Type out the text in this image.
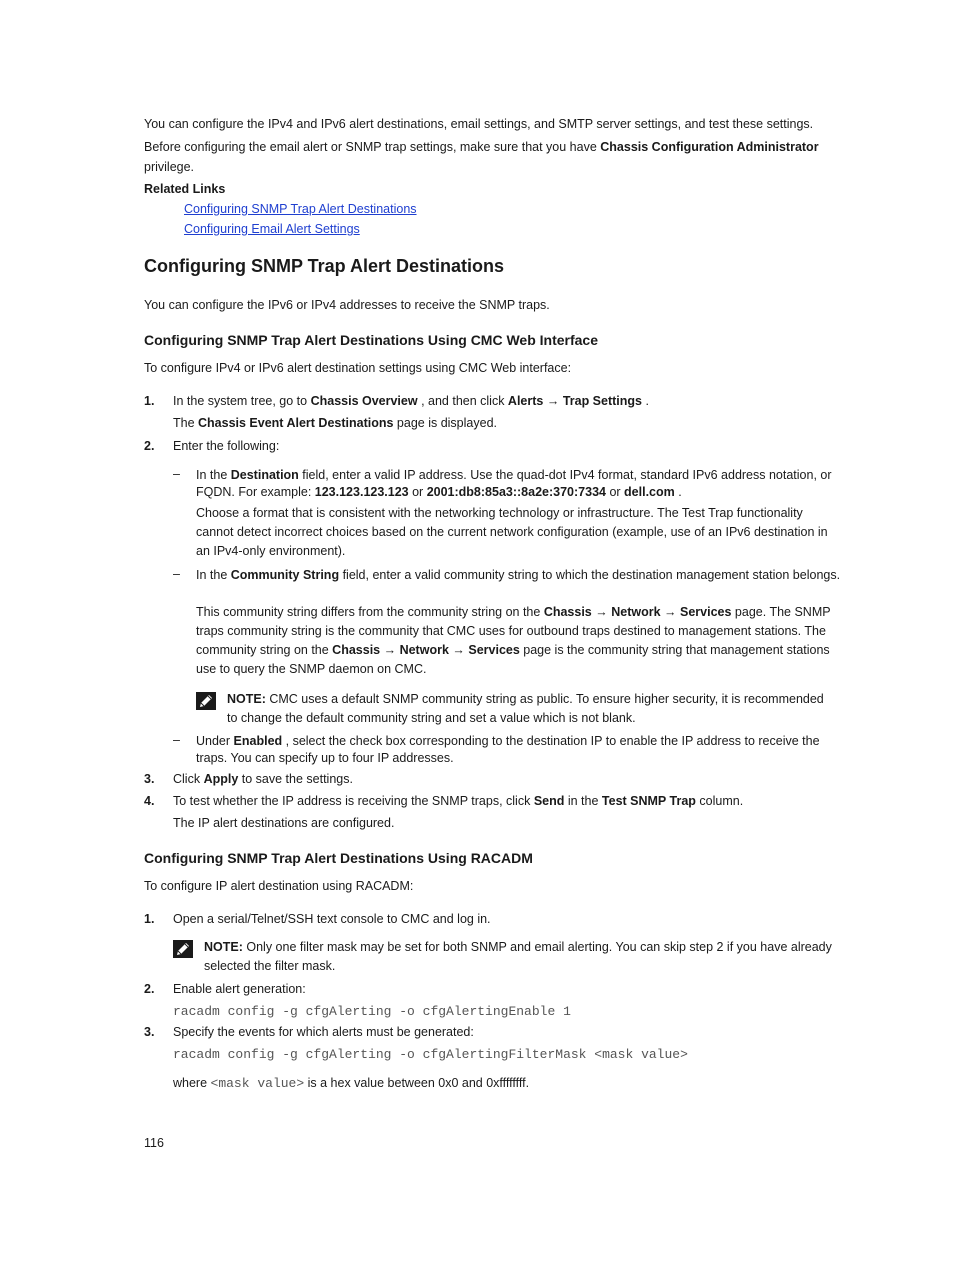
You can configure the IPv4 and IPv6 alert destinations, email settings, and SMTP server settings, and test these settings.
Before configuring the email alert or SNMP trap settings, make sure that you have Chassis Configuration Administrator
privilege.
Related Links
Configuring SNMP Trap Alert Destinations
Configuring Email Alert Settings
Configuring SNMP Trap Alert Destinations
You can configure the IPv6 or IPv4 addresses to receive the SNMP traps.
Configuring SNMP Trap Alert Destinations Using CMC Web Interface
To configure IPv4 or IPv6 alert destination settings using CMC Web interface:
1. In the system tree, go to Chassis Overview , and then click Alerts → Trap Settings .
The Chassis Event Alert Destinations page is displayed.
2. Enter the following:
– In the Destination field, enter a valid IP address. Use the quad-dot IPv4 format, standard IPv6 address notation, or FQDN. For example: 123.123.123.123 or 2001:db8:85a3::8a2e:370:7334 or dell.com .
Choose a format that is consistent with the networking technology or infrastructure. The Test Trap functionality cannot detect incorrect choices based on the current network configuration (example, use of an IPv6 destination in an IPv4-only environment).
– In the Community String field, enter a valid community string to which the destination management station belongs.
This community string differs from the community string on the Chassis → Network → Services page. The SNMP traps community string is the community that CMC uses for outbound traps destined to management stations. The community string on the Chassis → Network → Services page is the community string that management stations use to query the SNMP daemon on CMC.
NOTE: CMC uses a default SNMP community string as public. To ensure higher security, it is recommended to change the default community string and set a value which is not blank.
– Under Enabled , select the check box corresponding to the destination IP to enable the IP address to receive the traps. You can specify up to four IP addresses.
3. Click Apply to save the settings.
4. To test whether the IP address is receiving the SNMP traps, click Send in the Test SNMP Trap column.
The IP alert destinations are configured.
Configuring SNMP Trap Alert Destinations Using RACADM
To configure IP alert destination using RACADM:
1. Open a serial/Telnet/SSH text console to CMC and log in.
NOTE: Only one filter mask may be set for both SNMP and email alerting. You can skip step 2 if you have already selected the filter mask.
2. Enable alert generation:
racadm config -g cfgAlerting -o cfgAlertingEnable 1
3. Specify the events for which alerts must be generated:
racadm config -g cfgAlerting -o cfgAlertingFilterMask <mask value>
where <mask value> is a hex value between 0x0 and 0xffffffff.
116
